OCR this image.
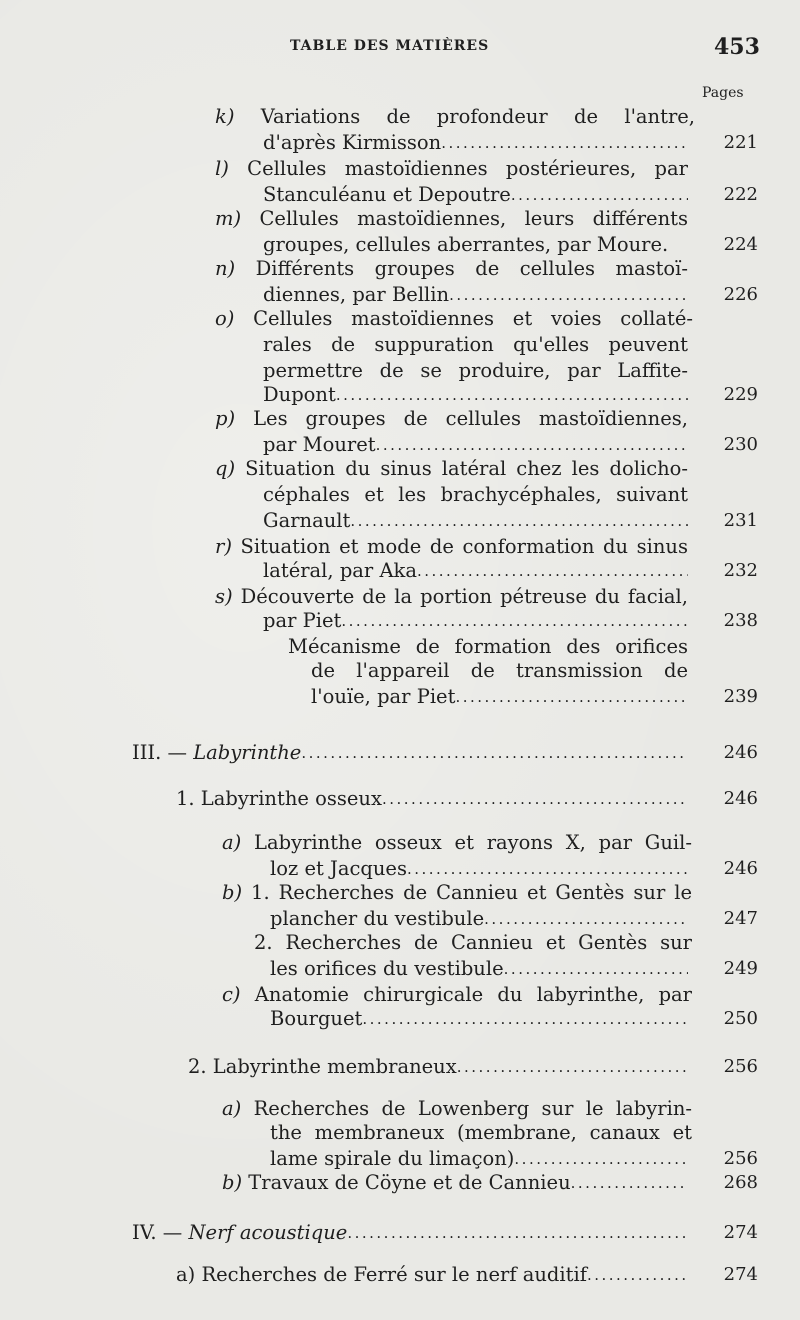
TABLE DES MATIÈRES	453
Pages
k) Variations de profondeur de l'antre,
d'après Kirmisson .....	221
l) Cellules mastoïdiennes postérieures, par
Stanculéanu et Depoutre .....	222
m) Cellules mastoïdiennes, leurs différents
groupes, cellules aberrantes, par Moure.	224
n) Différents groupes de cellules mastoï-
diennes, par Bellin .....	226
o) Cellules mastoïdiennes et voies collaté-
rales de suppuration qu'elles peuvent
permettre de se produire, par Laffite-
Dupont .....	229
p) Les groupes de cellules mastoïdiennes,
par Mouret .....	230
q) Situation du sinus latéral chez les dolicho-
céphales et les brachycéphales, suivant
Garnault .....	231
r) Situation et mode de conformation du sinus
latéral, par Aka .....	232
s) Découverte de la portion pétreuse du facial,
par Piet .....	238
Mécanisme de formation des orifices
de l'appareil de transmission de
l'ouïe, par Piet .....	239
III. — Labyrinthe .....	246
1. Labyrinthe osseux .....	246
a) Labyrinthe osseux et rayons X, par Guil-
loz et Jacques .....	246
b) 1. Recherches de Cannieu et Gentès sur le
plancher du vestibule .....	247
2. Recherches de Cannieu et Gentès sur
les orifices du vestibule .....	249
c) Anatomie chirurgicale du labyrinthe, par
Bourguet .....	250
2. Labyrinthe membraneux .....	256
a) Recherches de Lowenberg sur le labyrin-
the membraneux (membrane, canaux et
lame spirale du limaçon) .....	256
b) Travaux de Cöyne et de Cannieu .....	268
IV. — Nerf acoustique .....	274
a) Recherches de Ferré sur le nerf auditif .....	274
